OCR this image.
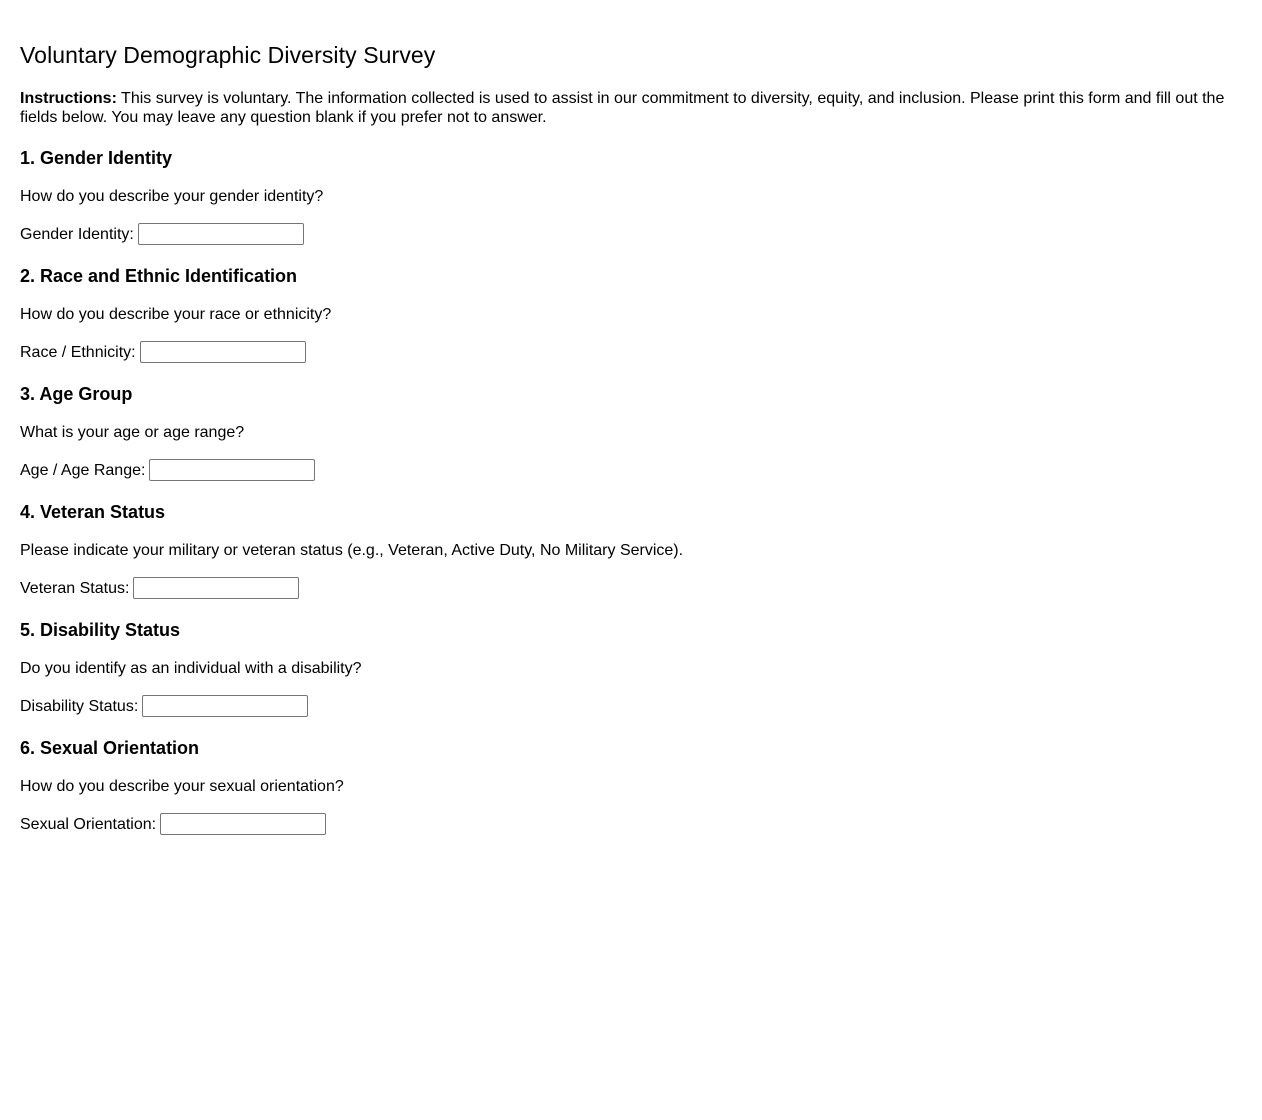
Voluntary Demographic Diversity Survey

Instructions: This survey is voluntary. The information collected is used to assist in our commitment to diversity, equity, and inclusion. Please print this form and fill out the fields below. You may leave any question blank if you prefer not to answer.

1. Gender Identity

How do you describe your gender identity?

Gender Identity:
2. Race and Ethnic Identification

How do you describe your race or ethnicity?

Race / Ethnicity:
3. Age Group

What is your age or age range?

Age / Age Range:
4. Veteran Status

Please indicate your military or veteran status (e.g., Veteran, Active Duty, No Military Service).

Veteran Status:
5. Disability Status

Do you identify as an individual with a disability?

Disability Status:
6. Sexual Orientation

How do you describe your sexual orientation?

Sexual Orientation:
